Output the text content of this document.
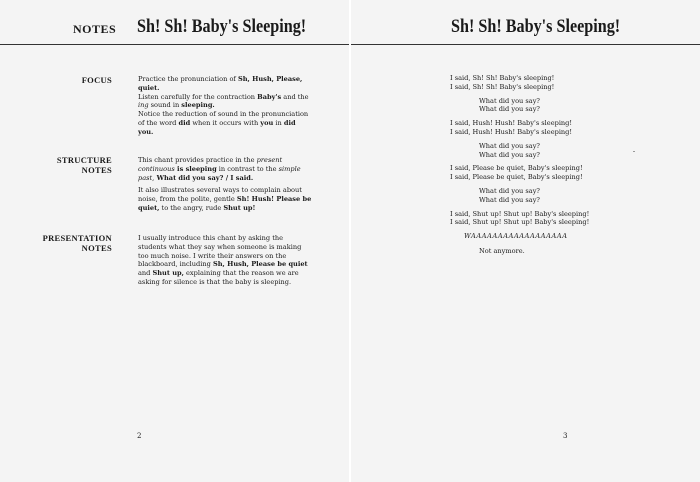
NOTES Sh! Sh! Baby's Sleeping!
FOCUS	Practice the pronunciation of Sh, Hush, Please,
quiet.
Listen carefully for the contraction Baby's and the
ing sound in sleeping.
Notice the reduction of sound in the pronunciation of the word did when it occurs with you in did you.

STRUCTURE
NOTES

This chant provides practice in the present continuous is sleeping in contrast to the simple past, What did you say? / I said.

It also illustrates several ways to complain about noise, from the polite, gentle Sh! Hush! Please be quiet, to the angry, rude Shut up!

PRESENTATION
NOTES

I usually introduce this chant by asking the students what they say when someone is making too much noise. I write their answers on the blackboard, including Sh, Hush, Please be quiet and Shut up, explaining that the reason we are asking for silence is that the baby is sleeping.

2
Sh! Sh! Baby's Sleeping!
I said, Sh! Sh! Baby's sleeping!
I said, Sh! Sh! Baby's sleeping!
What did you say?
What did you say?
I said, Hush! Hush! Baby's sleeping!
I said, Hush! Hush! Baby's sleeping!
What did you say?
What did you say?
I said, Please be quiet, Baby's sleeping!
I said, Please be quiet, Baby's sleeping!
What did you say?
What did you say?
I said, Shut up! Shut up! Baby's sleeping!
I said, Shut up! Shut up! Baby's sleeping!
WAAAAAAAAAAAAAAAAAA
Not anymore.
3
